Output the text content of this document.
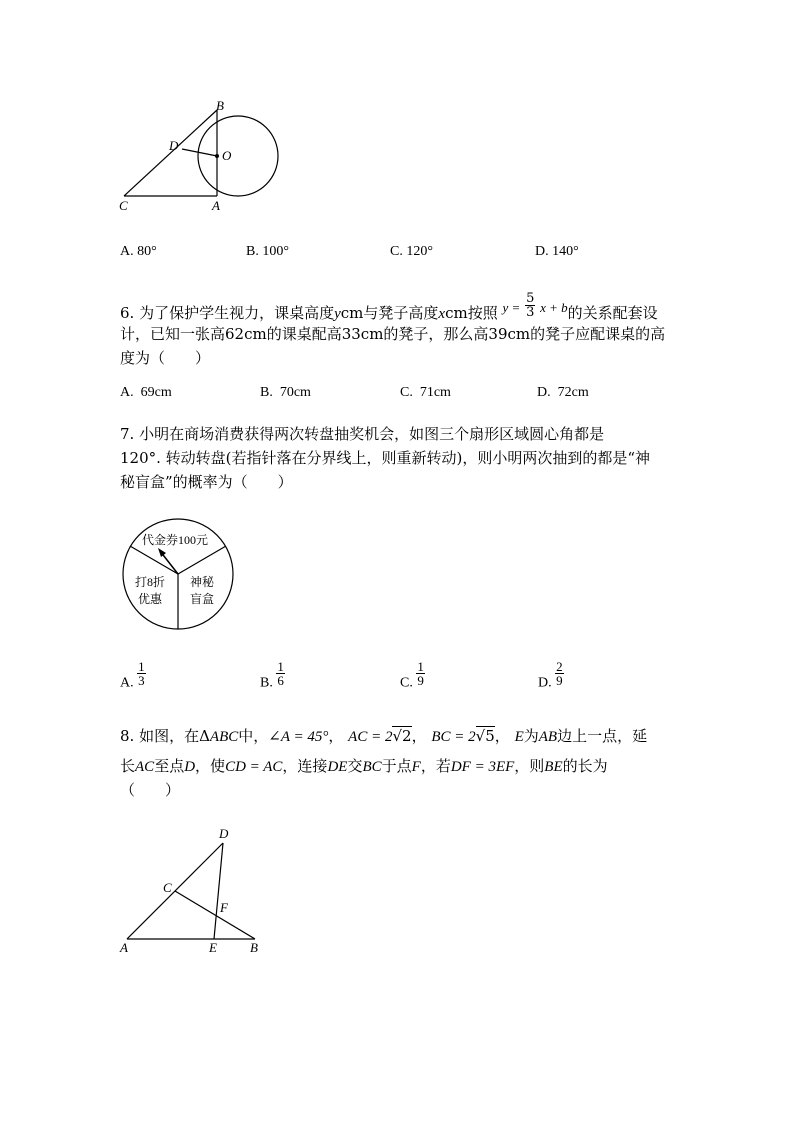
B
D
O
C	A
A. 80°	B. 100°	C. 120°	D. 140°
6. 为了保护学生视力，课桌高度ycm与凳子高度xcm按照 $y = \frac{5}{3}$ x + b的关系配套设
计，已知一张高62cm的课桌配高33cm的凳子，那么高39cm的凳子应配课桌的高
度为（　　）
A. 69cm	B. 70cm	C. 71cm	D. 72cm
7. 小明在商场消费获得两次转盘抽奖机会，如图三个扇形区域圆心角都是
120°. 转动转盘(若指针落在分界线上，则重新转动)，则小明两次抽到的都是“神
秘盲盒”的概率为（　　）
代金券100元
打8折
优惠
神秘
盲盒
A. $\frac{1}{3}$	B. $\frac{1}{6}$	C. $\frac{1}{9}$	D. $\frac{2}{9}$
8. 如图，在ΔABC中，∠A = 45°， AC = 2√2， BC = 2√5， E为AB边上一点，延
长AC至点D，使CD = AC，连接DE交BC于点F，若DF = 3EF，则BE的长为
（　　）
D
C
F
A	E	B
